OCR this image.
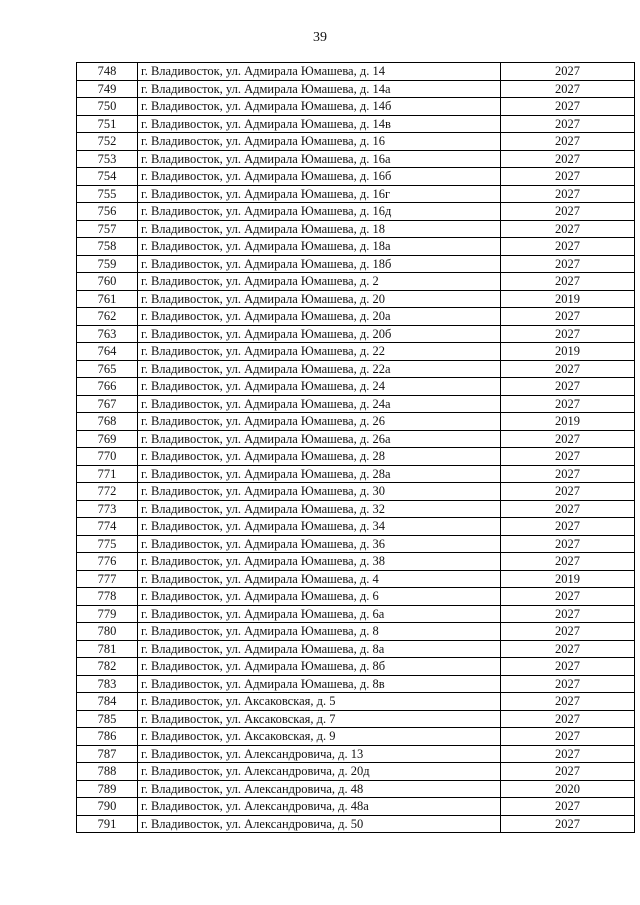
39
748	г. Владивосток, ул. Адмирала Юмашева, д. 14	2027
749	г. Владивосток, ул. Адмирала Юмашева, д. 14а	2027
750	г. Владивосток, ул. Адмирала Юмашева, д. 14б	2027
751	г. Владивосток, ул. Адмирала Юмашева, д. 14в	2027
752	г. Владивосток, ул. Адмирала Юмашева, д. 16	2027
753	г. Владивосток, ул. Адмирала Юмашева, д. 16а	2027
754	г. Владивосток, ул. Адмирала Юмашева, д. 16б	2027
755	г. Владивосток, ул. Адмирала Юмашева, д. 16г	2027
756	г. Владивосток, ул. Адмирала Юмашева, д. 16д	2027
757	г. Владивосток, ул. Адмирала Юмашева, д. 18	2027
758	г. Владивосток, ул. Адмирала Юмашева, д. 18а	2027
759	г. Владивосток, ул. Адмирала Юмашева, д. 18б	2027
760	г. Владивосток, ул. Адмирала Юмашева, д. 2	2027
761	г. Владивосток, ул. Адмирала Юмашева, д. 20	2019
762	г. Владивосток, ул. Адмирала Юмашева, д. 20а	2027
763	г. Владивосток, ул. Адмирала Юмашева, д. 20б	2027
764	г. Владивосток, ул. Адмирала Юмашева, д. 22	2019
765	г. Владивосток, ул. Адмирала Юмашева, д. 22а	2027
766	г. Владивосток, ул. Адмирала Юмашева, д. 24	2027
767	г. Владивосток, ул. Адмирала Юмашева, д. 24а	2027
768	г. Владивосток, ул. Адмирала Юмашева, д. 26	2019
769	г. Владивосток, ул. Адмирала Юмашева, д. 26а	2027
770	г. Владивосток, ул. Адмирала Юмашева, д. 28	2027
771	г. Владивосток, ул. Адмирала Юмашева, д. 28а	2027
772	г. Владивосток, ул. Адмирала Юмашева, д. 30	2027
773	г. Владивосток, ул. Адмирала Юмашева, д. 32	2027
774	г. Владивосток, ул. Адмирала Юмашева, д. 34	2027
775	г. Владивосток, ул. Адмирала Юмашева, д. 36	2027
776	г. Владивосток, ул. Адмирала Юмашева, д. 38	2027
777	г. Владивосток, ул. Адмирала Юмашева, д. 4	2019
778	г. Владивосток, ул. Адмирала Юмашева, д. 6	2027
779	г. Владивосток, ул. Адмирала Юмашева, д. 6а	2027
780	г. Владивосток, ул. Адмирала Юмашева, д. 8	2027
781	г. Владивосток, ул. Адмирала Юмашева, д. 8а	2027
782	г. Владивосток, ул. Адмирала Юмашева, д. 8б	2027
783	г. Владивосток, ул. Адмирала Юмашева, д. 8в	2027
784	г. Владивосток, ул. Аксаковская, д. 5	2027
785	г. Владивосток, ул. Аксаковская, д. 7	2027
786	г. Владивосток, ул. Аксаковская, д. 9	2027
787	г. Владивосток, ул. Александровича, д. 13	2027
788	г. Владивосток, ул. Александровича, д. 20д	2027
789	г. Владивосток, ул. Александровича, д. 48	2020
790	г. Владивосток, ул. Александровича, д. 48а	2027
791	г. Владивосток, ул. Александровича, д. 50	2027
